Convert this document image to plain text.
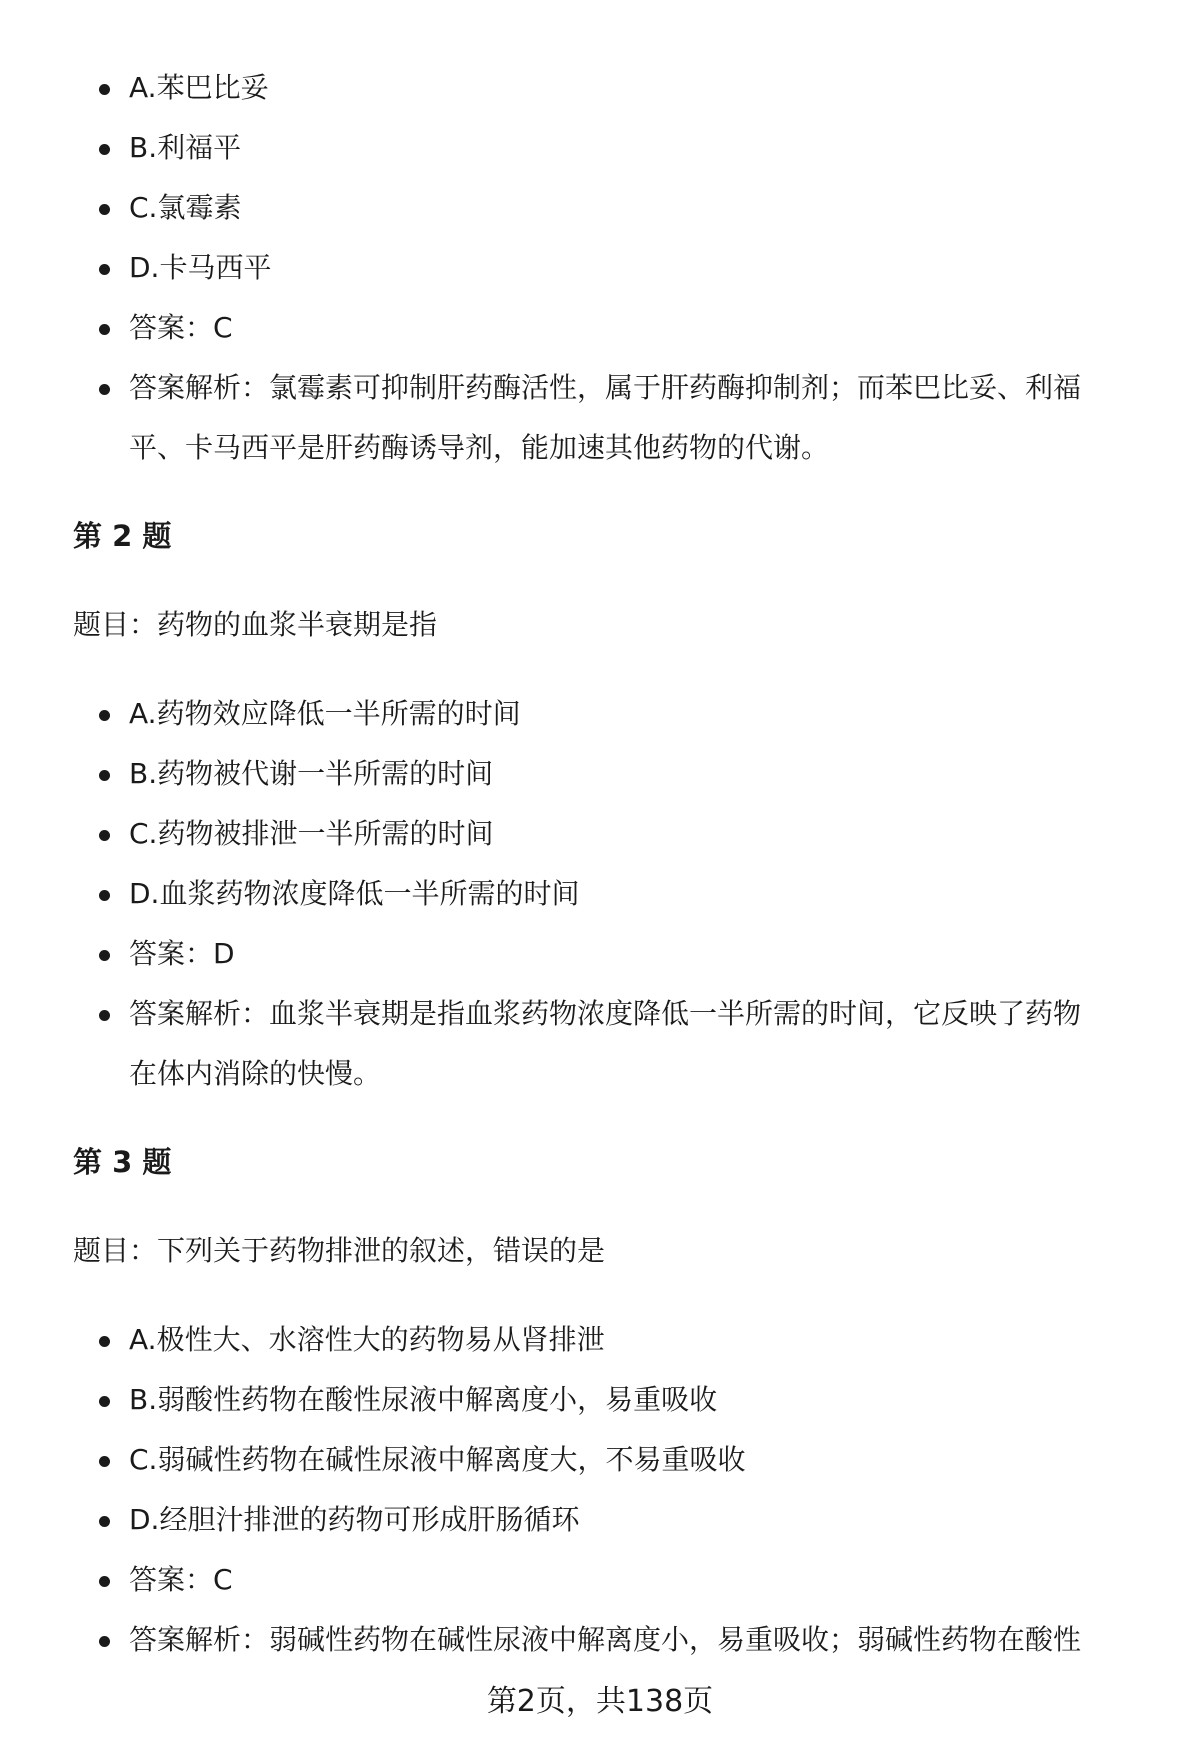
A.苯巴比妥
B.利福平
C.氯霉素
D.卡马西平
答案：C
答案解析：氯霉素可抑制肝药酶活性，属于肝药酶抑制剂；而苯巴比妥、利福
平、卡马西平是肝药酶诱导剂，能加速其他药物的代谢。
第 2 题
题目：药物的血浆半衰期是指
A.药物效应降低一半所需的时间
B.药物被代谢一半所需的时间
C.药物被排泄一半所需的时间
D.血浆药物浓度降低一半所需的时间
答案：D
答案解析：血浆半衰期是指血浆药物浓度降低一半所需的时间，它反映了药物
在体内消除的快慢。
第 3 题
题目：下列关于药物排泄的叙述，错误的是
A.极性大、水溶性大的药物易从肾排泄
B.弱酸性药物在酸性尿液中解离度小，易重吸收
C.弱碱性药物在碱性尿液中解离度大，不易重吸收
D.经胆汁排泄的药物可形成肝肠循环
答案：C
答案解析：弱碱性药物在碱性尿液中解离度小，易重吸收；弱碱性药物在酸性
第2页，共138页
